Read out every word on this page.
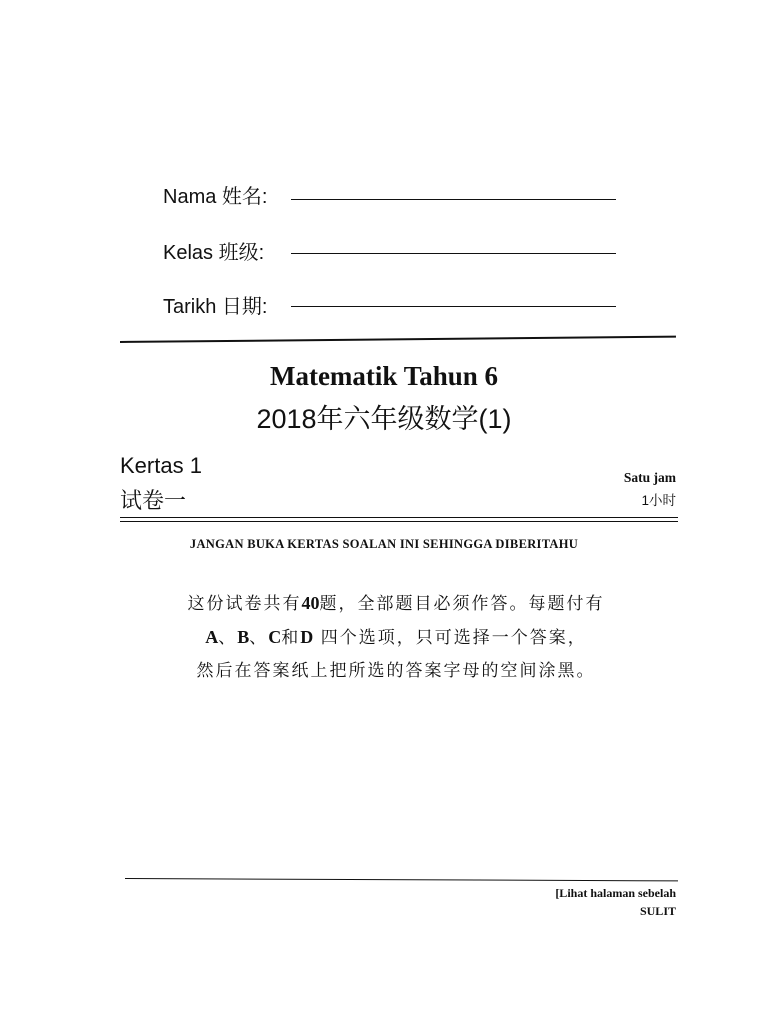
Nama 姓名:
Kelas 班级:
Tarikh 日期:
Matematik Tahun 6
2018年六年级数学(1)
Kertas 1
试卷一
Satu jam
1小时
JANGAN BUKA KERTAS SOALAN INI SEHINGGA DIBERITAHU
这份试卷共有40题，全部题目必须作答。每题付有
A、B、C和D 四个选项，只可选择一个答案，
然后在答案纸上把所选的答案字母的空间涂黑。
[Lihat halaman sebelah
SULIT
